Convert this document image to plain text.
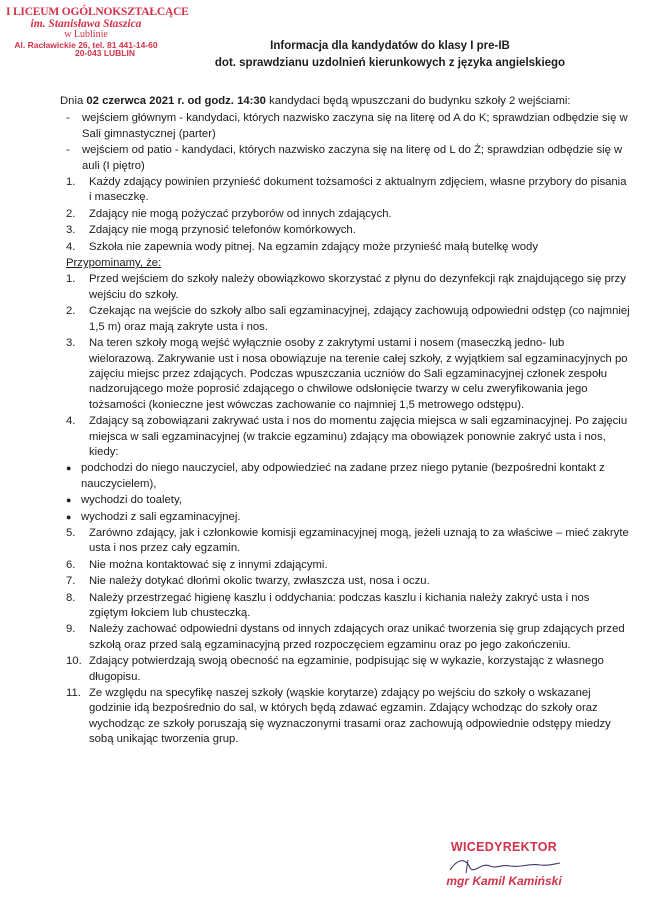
I LICEUM OGÓLNOKSZTAŁCĄCE
im. Stanisława Staszica
w Lublinie
Al. Racławickie 26, tel. 81 441-14-60
20-043 LUBLIN
Informacja dla kandydatów do klasy I pre-IB
dot. sprawdzianu uzdolnień kierunkowych z języka angielskiego

Dnia 02 czerwca 2021 r. od godz. 14:30 kandydaci będą wpuszczani do budynku szkoły 2 wejściami:

-	wejściem głównym - kandydaci, których nazwisko zaczyna się na literę od A do K; sprawdzian odbędzie się w Sali gimnastycznej (parter)
-	wejściem od patio - kandydaci, których nazwisko zaczyna się na literę od L do Ż; sprawdzian odbędzie się w auli (I piętro)
1.	Każdy zdający powinien przynieść dokument tożsamości z aktualnym zdjęciem, własne przybory do pisania i maseczkę.
2.	Zdający nie mogą pożyczać przyborów od innych zdających.
3.	Zdający nie mogą przynosić telefonów komórkowych.
4.	Szkoła nie zapewnia wody pitnej. Na egzamin zdający może przynieść małą butelkę wody
Przypominamy, że:
1.	Przed wejściem do szkoły należy obowiązkowo skorzystać z płynu do dezynfekcji rąk znajdującego się przy wejściu do szkoły.
2.	Czekając na wejście do szkoły albo sali egzaminacyjnej, zdający zachowują odpowiedni odstęp (co najmniej 1,5 m) oraz mają zakryte usta i nos.
3.	Na teren szkoły mogą wejść wyłącznie osoby z zakrytymi ustami i nosem (maseczką jedno- lub wielorazową. Zakrywanie ust i nosa obowiązuje na terenie całej szkoły, z wyjątkiem sal egzaminacyjnych po zajęciu miejsc przez zdających. Podczas wpuszczania uczniów do Sali egzaminacyjnej członek zespołu nadzorującego może poprosić zdającego o chwilowe odsłonięcie twarzy w celu zweryfikowania jego tożsamości (konieczne jest wówczas zachowanie co najmniej 1,5 metrowego odstępu).
4.	Zdający są zobowiązani zakrywać usta i nos do momentu zajęcia miejsca w sali egzaminacyjnej. Po zajęciu miejsca w sali egzaminacyjnej (w trakcie egzaminu) zdający ma obowiązek ponownie zakryć usta i nos, kiedy:
● podchodzi do niego nauczyciel, aby odpowiedzieć na zadane przez niego pytanie (bezpośredni kontakt z nauczycielem),
● wychodzi do toalety,
● wychodzi z sali egzaminacyjnej.
5.	Zarówno zdający, jak i członkowie komisji egzaminacyjnej mogą, jeżeli uznają to za właściwe – mieć zakryte usta i nos przez cały egzamin.
6.	Nie można kontaktować się z innymi zdającymi.
7.	Nie należy dotykać dłońmi okolic twarzy, zwłaszcza ust, nosa i oczu.
8.	Należy przestrzegać higienę kaszlu i oddychania: podczas kaszlu i kichania należy zakryć usta i nos zgiętym łokciem lub chusteczką.
9.	Należy zachować odpowiedni dystans od innych zdających oraz unikać tworzenia się grup zdających przed szkołą oraz przed salą egzaminacyjną przed rozpoczęciem egzaminu oraz po jego zakończeniu.
10. Zdający potwierdzają swoją obecność na egzaminie, podpisując się w wykazie, korzystając z własnego długopisu.
11. Ze względu na specyfikę naszej szkoły (wąskie korytarze) zdający po wejściu do szkoły o wskazanej godzinie idą bezpośrednio do sal, w których będą zdawać egzamin. Zdający wchodząc do szkoły oraz wychodząc ze szkoły poruszają się wyznaczonymi trasami oraz zachowują odpowiednie odstępy miedzy sobą unikając tworzenia grup.
WICEDYREKTOR
mgr Kamil Kamiński
